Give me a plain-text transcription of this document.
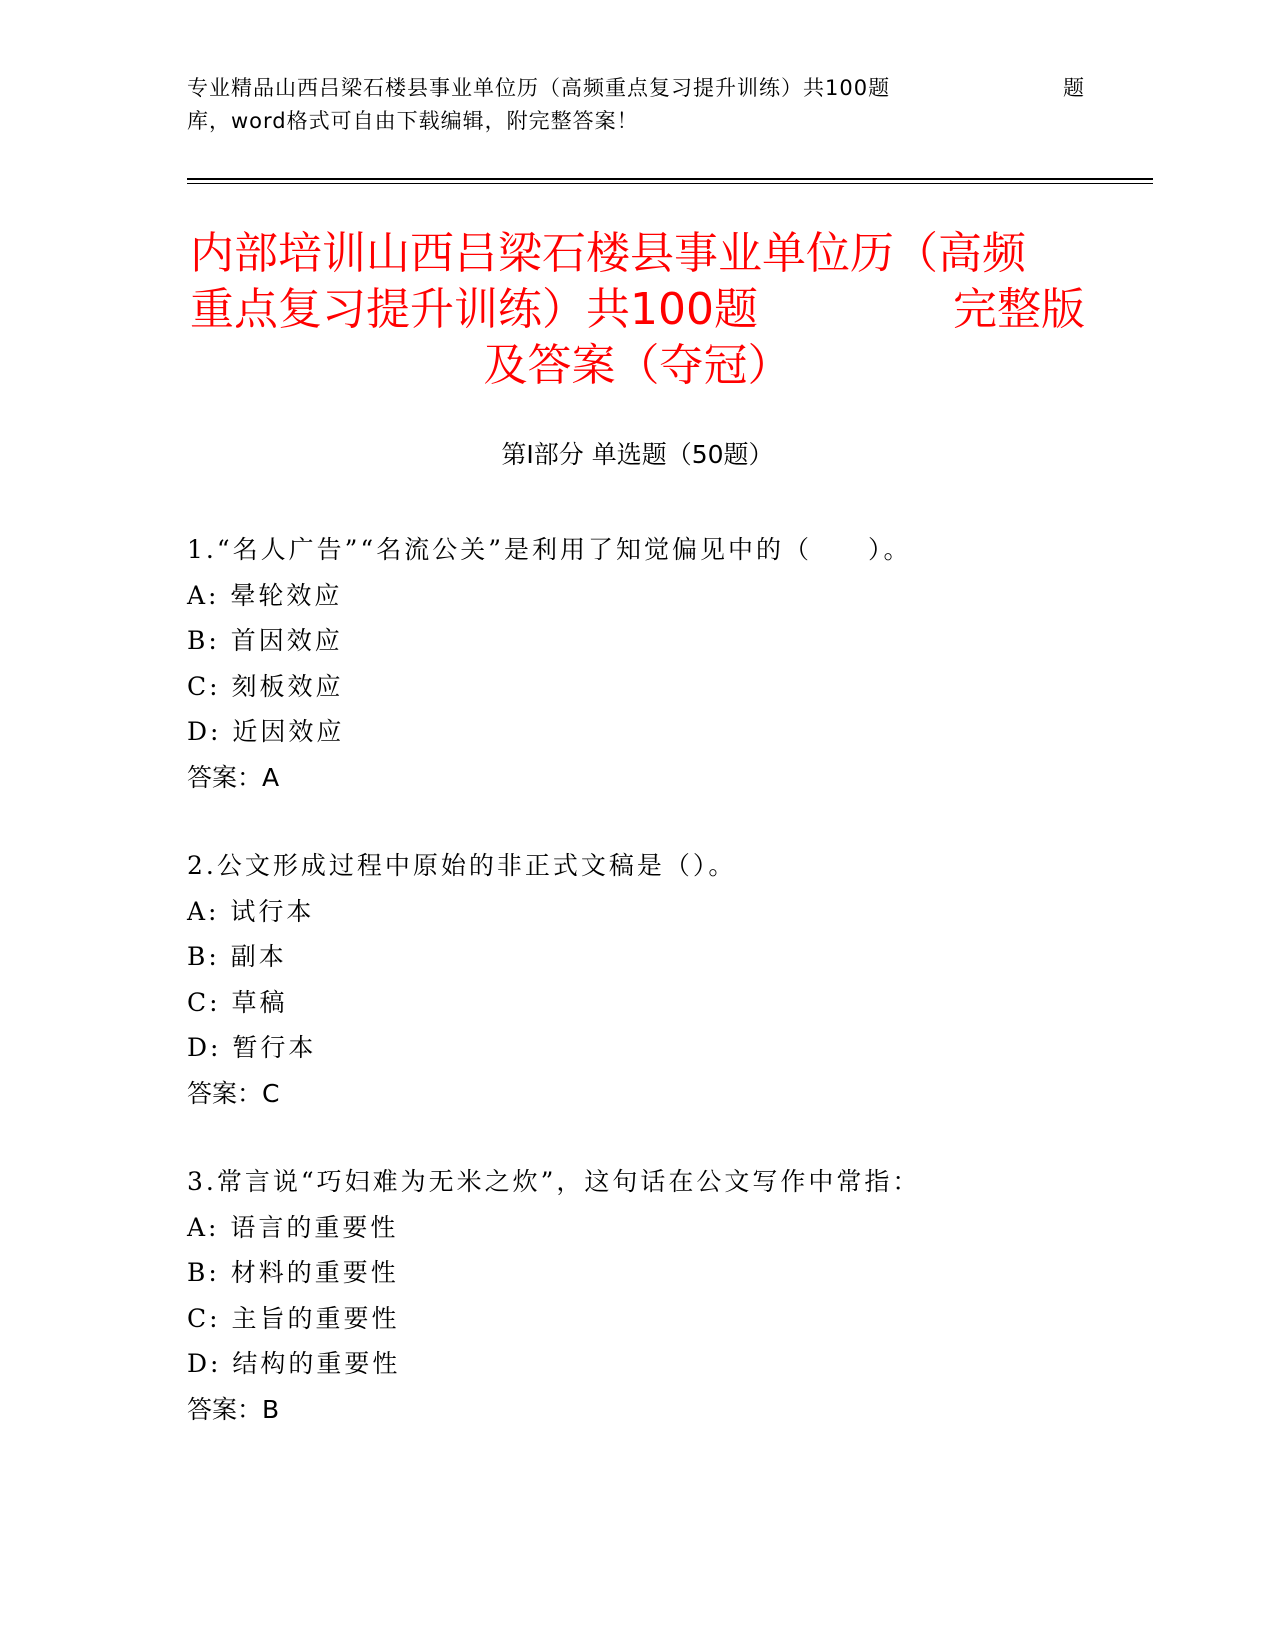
专业精品山西吕梁石楼县事业单位历（高频重点复习提升训练）共100题	题
库，word格式可自由下载编辑，附完整答案！
内部培训山西吕梁石楼县事业单位历（高频
重点复习提升训练）共100题	完整版
及答案（夺冠）
第Ⅰ部分 单选题（50题）
1.“名人广告”“名流公关”是利用了知觉偏见中的（　　）。
A: 晕轮效应
B: 首因效应
C: 刻板效应
D: 近因效应
答案：A
2.公文形成过程中原始的非正式文稿是（）。
A: 试行本
B: 副本
C: 草稿
D: 暂行本
答案：C
3.常言说“巧妇难为无米之炊”，这句话在公文写作中常指：
A: 语言的重要性
B: 材料的重要性
C: 主旨的重要性
D: 结构的重要性
答案：B
